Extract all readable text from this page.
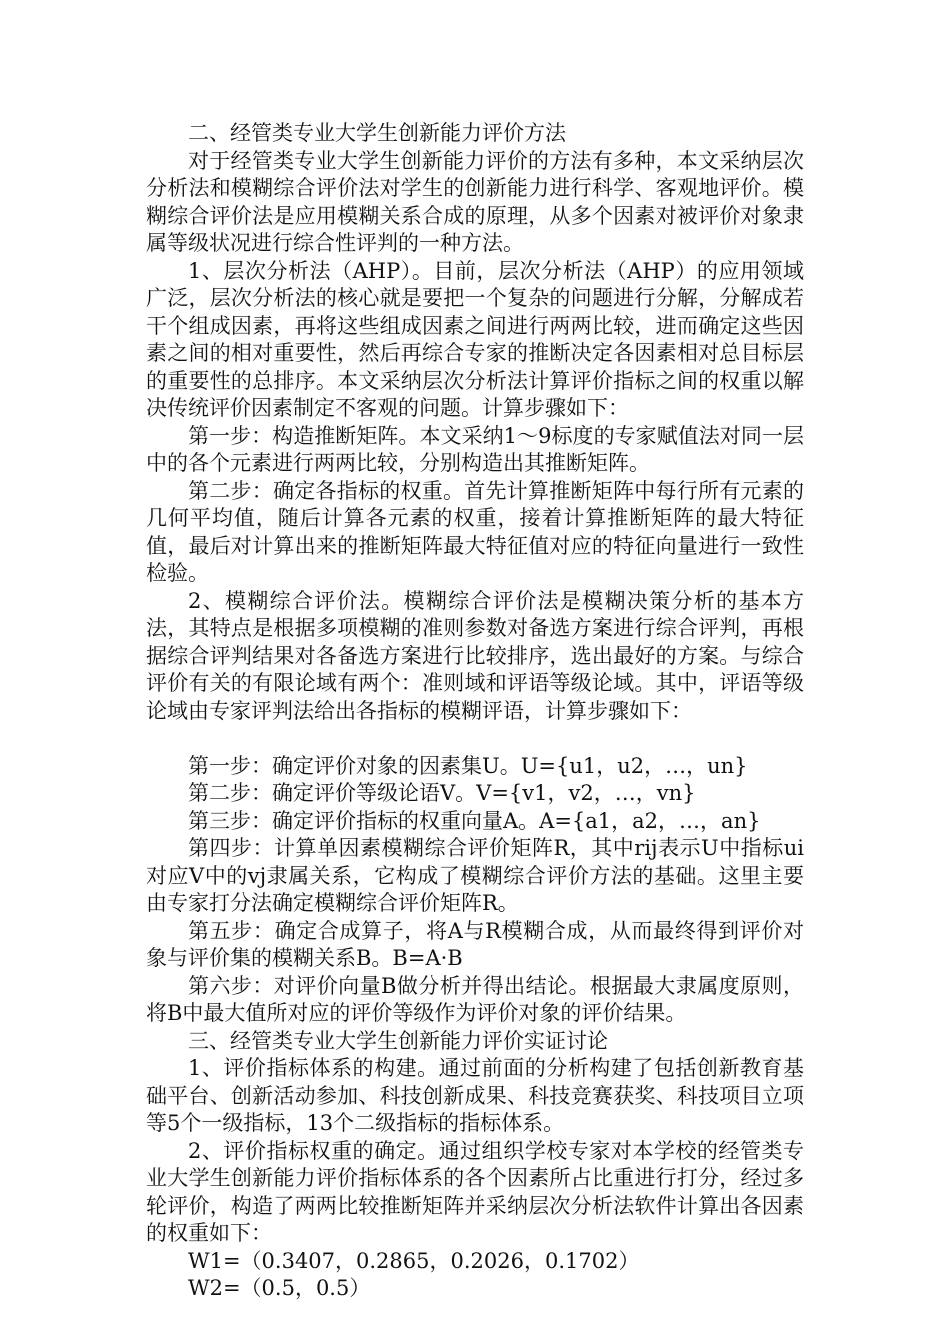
二、经管类专业大学生创新能力评价方法

对于经管类专业大学生创新能力评价的方法有多种，本文采纳层次分析法和模糊综合评价法对学生的创新能力进行科学、客观地评价。模糊综合评价法是应用模糊关系合成的原理，从多个因素对被评价对象隶属等级状况进行综合性评判的一种方法。

1、层次分析法（AHP）。目前，层次分析法（AHP）的应用领域广泛，层次分析法的核心就是要把一个复杂的问题进行分解，分解成若干个组成因素，再将这些组成因素之间进行两两比较，进而确定这些因素之间的相对重要性，然后再综合专家的推断决定各因素相对总目标层的重要性的总排序。本文采纳层次分析法计算评价指标之间的权重以解决传统评价因素制定不客观的问题。计算步骤如下：

第一步：构造推断矩阵。本文采纳1～9标度的专家赋值法对同一层中的各个元素进行两两比较，分别构造出其推断矩阵。

第二步：确定各指标的权重。首先计算推断矩阵中每行所有元素的几何平均值，随后计算各元素的权重，接着计算推断矩阵的最大特征值，最后对计算出来的推断矩阵最大特征值对应的特征向量进行一致性检验。

2、模糊综合评价法。模糊综合评价法是模糊决策分析的基本方法，其特点是根据多项模糊的准则参数对备选方案进行综合评判，再根据综合评判结果对各备选方案进行比较排序，选出最好的方案。与综合评价有关的有限论域有两个：准则域和评语等级论域。其中，评语等级论域由专家评判法给出各指标的模糊评语，计算步骤如下：

第一步：确定评价对象的因素集U。U={u1，u2，…，un}

第二步：确定评价等级论语V。V={v1，v2，…，vn}

第三步：确定评价指标的权重向量A。A={a1，a2，…，an}

第四步：计算单因素模糊综合评价矩阵R，其中rij表示U中指标ui对应V中的vj隶属关系，它构成了模糊综合评价方法的基础。这里主要由专家打分法确定模糊综合评价矩阵R。

第五步：确定合成算子，将A与R模糊合成，从而最终得到评价对象与评价集的模糊关系B。B=A·B

第六步：对评价向量B做分析并得出结论。根据最大隶属度原则，将B中最大值所对应的评价等级作为评价对象的评价结果。

三、经管类专业大学生创新能力评价实证讨论

1、评价指标体系的构建。通过前面的分析构建了包括创新教育基础平台、创新活动参加、科技创新成果、科技竞赛获奖、科技项目立项等5个一级指标，13个二级指标的指标体系。

2、评价指标权重的确定。通过组织学校专家对本学校的经管类专业大学生创新能力评价指标体系的各个因素所占比重进行打分，经过多轮评价，构造了两两比较推断矩阵并采纳层次分析法软件计算出各因素的权重如下：

W1=（0.3407，0.2865，0.2026，0.1702）

W2=（0.5，0.5）
